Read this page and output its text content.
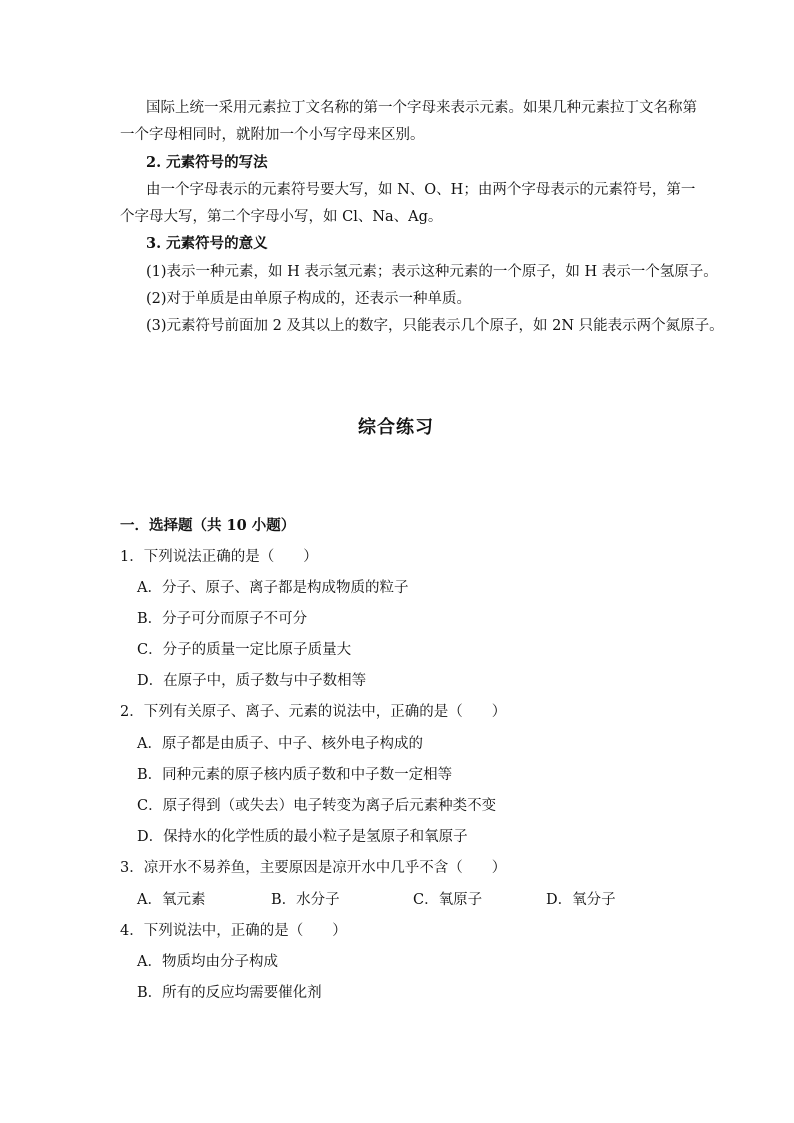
国际上统一采用元素拉丁文名称的第一个字母来表示元素。如果几种元素拉丁文名称第
一个字母相同时，就附加一个小写字母来区别。
2. 元素符号的写法
由一个字母表示的元素符号要大写，如 N、O、H；由两个字母表示的元素符号，第一
个字母大写，第二个字母小写，如 Cl、Na、Ag。
3. 元素符号的意义
(1)表示一种元素，如 H 表示氢元素；表示这种元素的一个原子，如 H 表示一个氢原子。
(2)对于单质是由单原子构成的，还表示一种单质。
(3)元素符号前面加 2 及其以上的数字，只能表示几个原子，如 2N 只能表示两个氮原子。
综合练习
一．选择题（共 10 小题）
1．下列说法正确的是（　　）
A．分子、原子、离子都是构成物质的粒子
B．分子可分而原子不可分
C．分子的质量一定比原子质量大
D．在原子中，质子数与中子数相等
2．下列有关原子、离子、元素的说法中，正确的是（　　）
A．原子都是由质子、中子、核外电子构成的
B．同种元素的原子核内质子数和中子数一定相等
C．原子得到（或失去）电子转变为离子后元素种类不变
D．保持水的化学性质的最小粒子是氢原子和氧原子
3．凉开水不易养鱼，主要原因是凉开水中几乎不含（　　）
A．氧元素	B．水分子	C．氧原子	D．氧分子
4．下列说法中，正确的是（　　）
A．物质均由分子构成
B．所有的反应均需要催化剂
